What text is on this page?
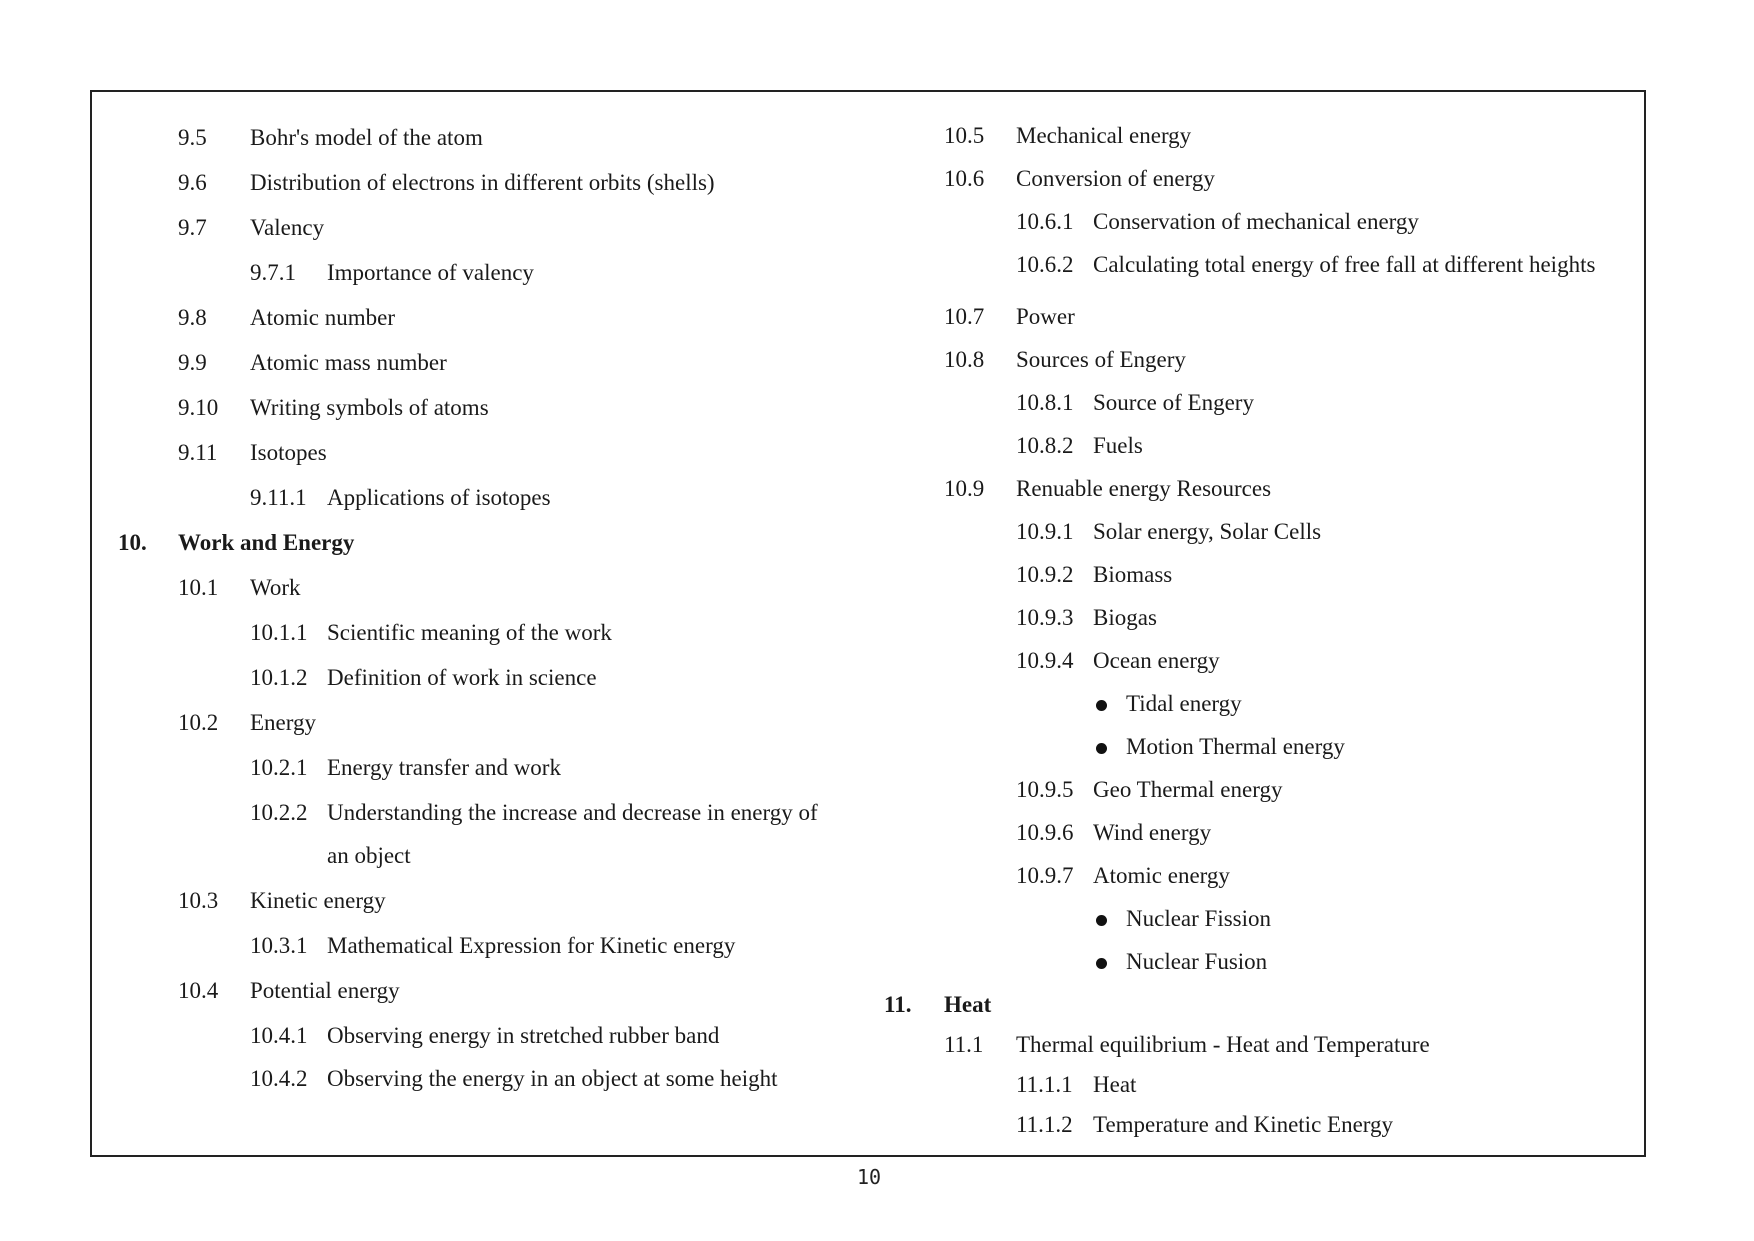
9.5 Bohr's model of the atom
9.6 Distribution of electrons in different orbits (shells)
9.7 Valency
9.7.1 Importance of valency
9.8 Atomic number
9.9 Atomic mass number
9.10 Writing symbols of atoms
9.11 Isotopes
9.11.1 Applications of isotopes
10. Work and Energy
10.1 Work
10.1.1 Scientific meaning of the work
10.1.2 Definition of work in science
10.2 Energy
10.2.1 Energy transfer and work
10.2.2 Understanding the increase and decrease in energy of
an object
10.3 Kinetic energy
10.3.1 Mathematical Expression for Kinetic energy
10.4 Potential energy
10.4.1 Observing energy in stretched rubber band
10.4.2 Observing the energy in an object at some height
10.5 Mechanical energy
10.6 Conversion of energy
10.6.1 Conservation of mechanical energy
10.6.2 Calculating total energy of free fall at different heights
10.7 Power
10.8 Sources of Engery
10.8.1 Source of Engery
10.8.2 Fuels
10.9 Renuable energy Resources
10.9.1 Solar energy, Solar Cells
10.9.2 Biomass
10.9.3 Biogas
10.9.4 Ocean energy
Tidal energy
Motion Thermal energy
10.9.5 Geo Thermal energy
10.9.6 Wind energy
10.9.7 Atomic energy
Nuclear Fission
Nuclear Fusion
11. Heat
11.1 Thermal equilibrium - Heat and Temperature
11.1.1 Heat
11.1.2 Temperature and Kinetic Energy
10
